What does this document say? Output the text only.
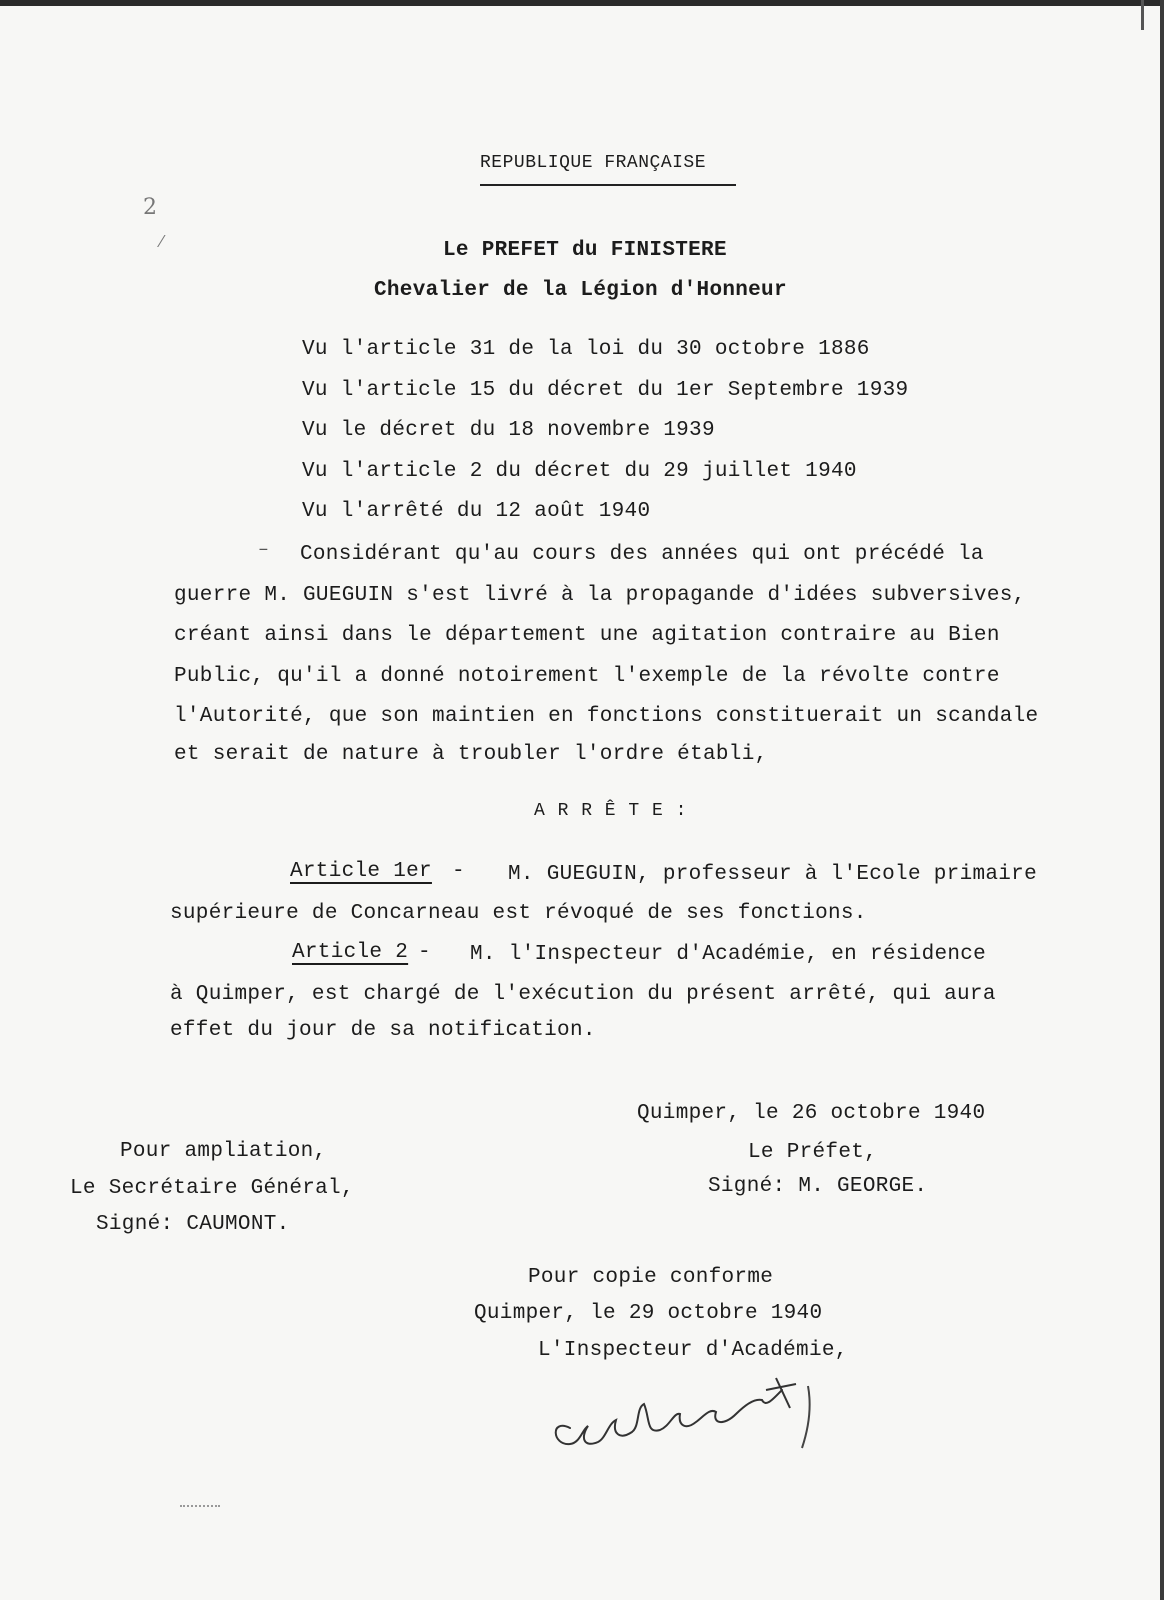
REPUBLIQUE FRANÇAISE
2
⁄	Le PREFET du FINISTERE
Chevalier de la Légion d'Honneur
Vu l'article 31 de la loi du 30 octobre 1886
Vu l'article 15 du décret du 1er Septembre 1939
Vu le décret du 18 novembre 1939
Vu l'article 2 du décret du 29 juillet 1940
Vu l'arrêté du 12 août 1940
– Considérant qu'au cours des années qui ont précédé la
guerre M. GUEGUIN s'est livré à la propagande d'idées subversives,
créant ainsi dans le département une agitation contraire au Bien
Public, qu'il a donné notoirement l'exemple de la révolte contre
l'Autorité, que son maintien en fonctions constituerait un scandale
et serait de nature à troubler l'ordre établi,
A R R Ê T E :
Article 1er - M. GUEGUIN, professeur à l'Ecole primaire
supérieure de Concarneau est révoqué de ses fonctions.
Article 2 - M. l'Inspecteur d'Académie, en résidence
à Quimper, est chargé de l'exécution du présent arrêté, qui aura
effet du jour de sa notification.
Quimper, le 26 octobre 1940
Pour ampliation,
Le Secrétaire Général,
Signé: CAUMONT.
Le Préfet,
Signé: M. GEORGE.
Pour copie conforme
Quimper, le 29 octobre 1940
L'Inspecteur d'Académie,
